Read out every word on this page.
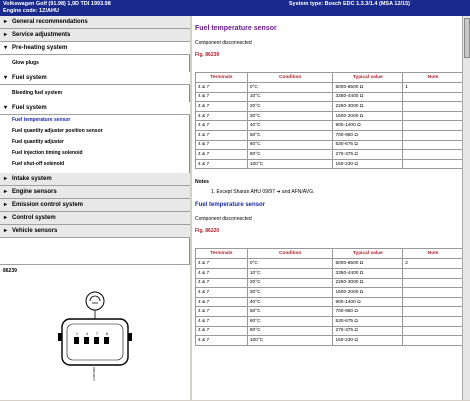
Volkswagen Golf (91.98) 1,9D TDI 1993.98
Engine code: 1Z/AHU
System type: Bosch EDC 1.3.3/1.4 (MSA 12/15)
▸ General recommendations
▸ Service adjustments
▾ Pre-heating system
Glow plugs
▾ Fuel system
Bleeding fuel system
▾ Fuel system
Fuel temperature sensor
Fuel quantity adjuster position sensor
Fuel quantity adjuster
Fuel injection timing solenoid
Fuel shut-off solenoid
▸ Intake system
▸ Engine sensors
▸ Emission control system
▸ Control system
▸ Vehicle sensors
86239
1 4 7 8
AZ001000
Fuel temperature sensor
Component disconnected
Fig. 86239
Terminals	Condition	Typical value	Note
4 & 7	0°C	5000-6500 Ω	1
4 & 7	10°C	3350-4400 Ω	
4 & 7	20°C	2250-3000 Ω	
4 & 7	30°C	1500-2000 Ω	
4 & 7	40°C	900-1400 Ω	
4 & 7	50°C	700-950 Ω	
4 & 7	60°C	530-675 Ω	
4 & 7	80°C	275-375 Ω	
4 & 7	100°C	150-230 Ω	
Notes
1. Except Sharan AHU 09/97 ➜ and AFN/AVG.
Fuel temperature sensor
Component disconnected
Fig. 86220
Terminals	Condition	Typical value	Note
4 & 7	0°C	5000-6500 Ω	2
4 & 7	10°C	3350-4400 Ω	
4 & 7	20°C	2250-3000 Ω	
4 & 7	30°C	1500-2000 Ω	
4 & 7	40°C	900-1400 Ω	
4 & 7	50°C	700-950 Ω	
4 & 7	60°C	530-675 Ω	
4 & 7	80°C	275-375 Ω	
4 & 7	100°C	150-230 Ω	
